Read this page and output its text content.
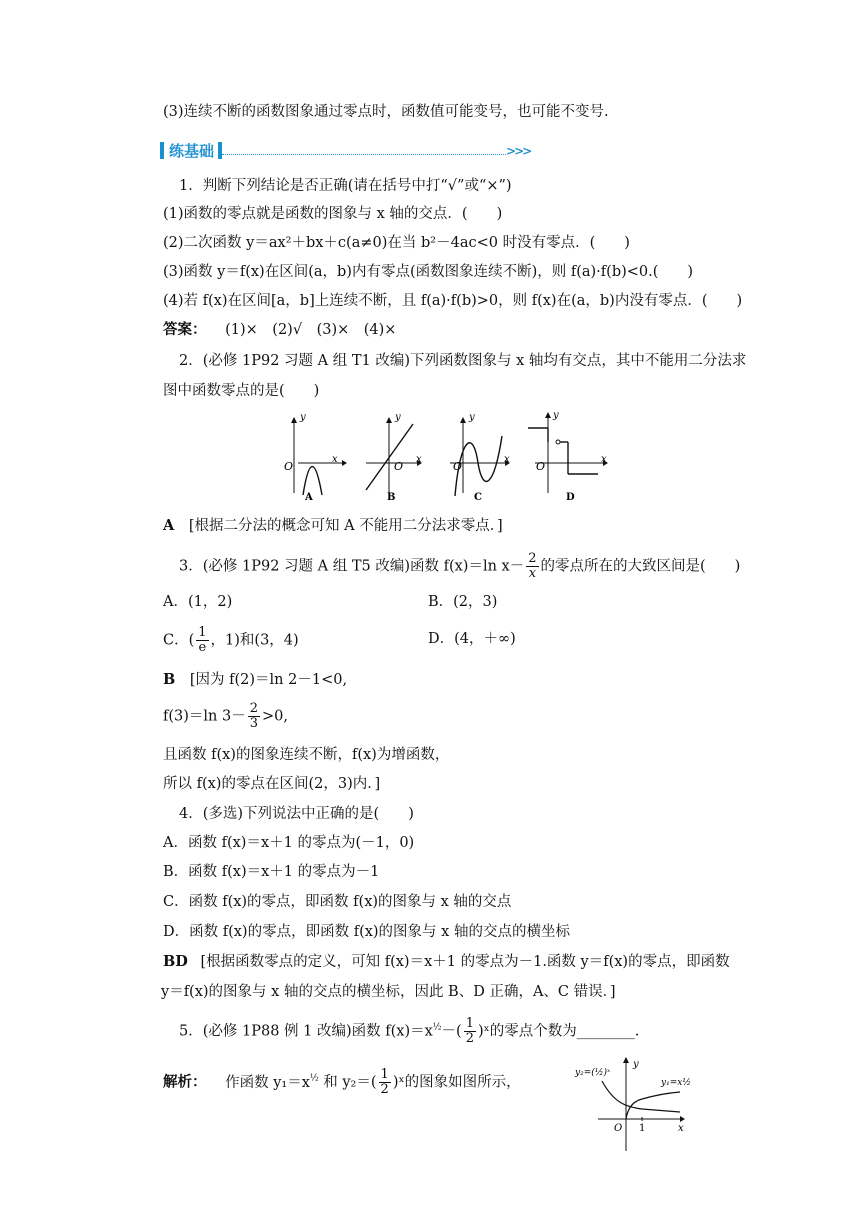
(3)连续不断的函数图象通过零点时，函数值可能变号，也可能不变号.
练基础	>>>
1．判断下列结论是否正确(请在括号中打“√”或“×”)
(1)函数的零点就是函数的图象与 x 轴的交点．(　　)
(2)二次函数 y＝ax²＋bx＋c(a≠0)在当 b²－4ac<0 时没有零点．(　　)
(3)函数 y＝f(x)在区间(a，b)内有零点(函数图象连续不断)，则 f(a)·f(b)<0.(　　)
(4)若 f(x)在区间[a，b]上连续不断，且 f(a)·f(b)>0，则 f(x)在(a，b)内没有零点．(　　)
答案： (1)×　(2)√　(3)×　(4)×
2．(必修 1P92 习题 A 组 T1 改编)下列函数图象与 x 轴均有交点，其中不能用二分法求
图中函数零点的是(　　)
y
O
x
A
y
O
x
B
y
O
x
C
y
O
x
D
A [根据二分法的概念可知 A 不能用二分法求零点．]
3．(必修 1P92 习题 A 组 T5 改编)函数 f(x)＝ln $x- \frac{2}{x}$ 的零点所在的大致区间是(　　)
A．(1，2)	B．(2，3)
C．( $\frac{1}{e}$ ，1)和(3，4)	D．(4，＋∞)
B [因为 f(2)＝ln 2－1<0,
f(3)＝ln $3- \frac{2}{3} >0$,
且函数 f(x)的图象连续不断，f(x)为增函数，
所以 f(x)的零点在区间(2，3)内．]
4．(多选)下列说法中正确的是(　　)
A．函数 f(x)＝x＋1 的零点为(－1，0)
B．函数 f(x)＝x＋1 的零点为－1
C．函数 f(x)的零点，即函数 f(x)的图象与 x 轴的交点
D．函数 f(x)的零点，即函数 f(x)的图象与 x 轴的交点的横坐标
BD [根据函数零点的定义，可知 f(x)＝x＋1 的零点为－1.函数 y＝f(x)的零点，即函数
y＝f(x)的图象与 x 轴的交点的横坐标，因此 B、D 正确，A、C 错误．]
5．(必修 1P88 例 1 改编)函数 $f(x)=x^{\frac{1}{2}}-( \frac{1}{2}$ )ˣ的零点个数为________.
解析： 作函数 $y_1=x^{\frac{1}{2}}$ 和 $y_2=( \frac{1}{2}$ )ˣ的图象如图所示，
y₂=(½)ˣ
y₁=x½
y
O 1	x
